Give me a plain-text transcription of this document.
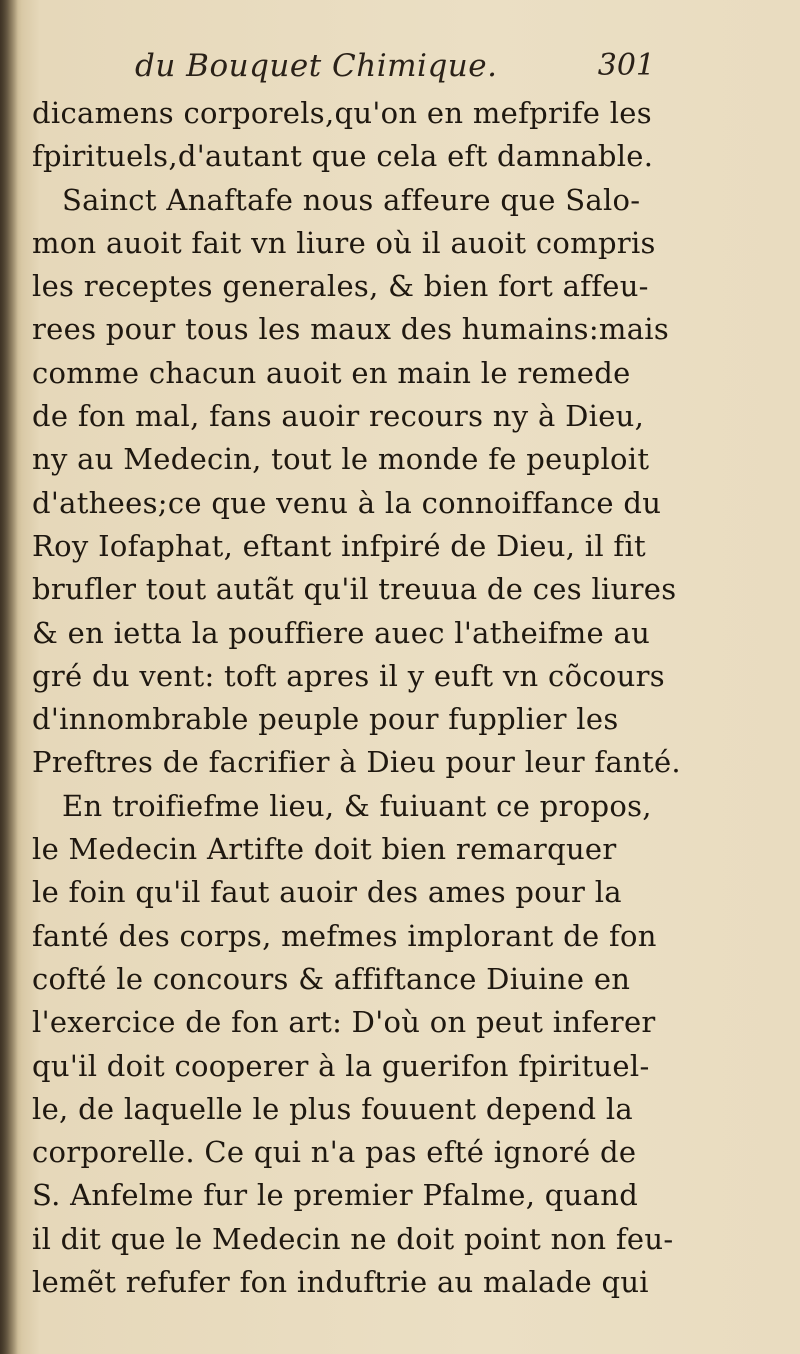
du Bouquet Chimique.	301
dicamens corporels,qu'on en mefprife les
fpirituels,d'autant que cela eft damnable.
Sainct Anaftafe nous affeure que Salo-
mon auoit fait vn liure où il auoit compris
les receptes generales, & bien fort affeu-
rees pour tous les maux des humains:mais
comme chacun auoit en main le remede
de fon mal, fans auoir recours ny à Dieu,
ny au Medecin, tout le monde fe peuploit
d'athees;ce que venu à la connoiffance du
Roy Iofaphat, eftant infpiré de Dieu, il fit
brufler tout autãt qu'il treuua de ces liures
& en ietta la pouffiere auec l'atheifme au
gré du vent: toft apres il y euft vn cõcours
d'innombrable peuple pour fupplier les
Preftres de facrifier à Dieu pour leur fanté.
En troifiefme lieu, & fuiuant ce propos,
le Medecin Artifte doit bien remarquer
le foin qu'il faut auoir des ames pour la
fanté des corps, mefmes implorant de fon
cofté le concours & affiftance Diuine en
l'exercice de fon art: D'où on peut inferer
qu'il doit cooperer à la guerifon fpirituel-
le, de laquelle le plus fouuent depend la
corporelle. Ce qui n'a pas efté ignoré de
S. Anfelme fur le premier Pfalme, quand
il dit que le Medecin ne doit point non feu-
lemẽt refufer fon induftrie au malade qui
